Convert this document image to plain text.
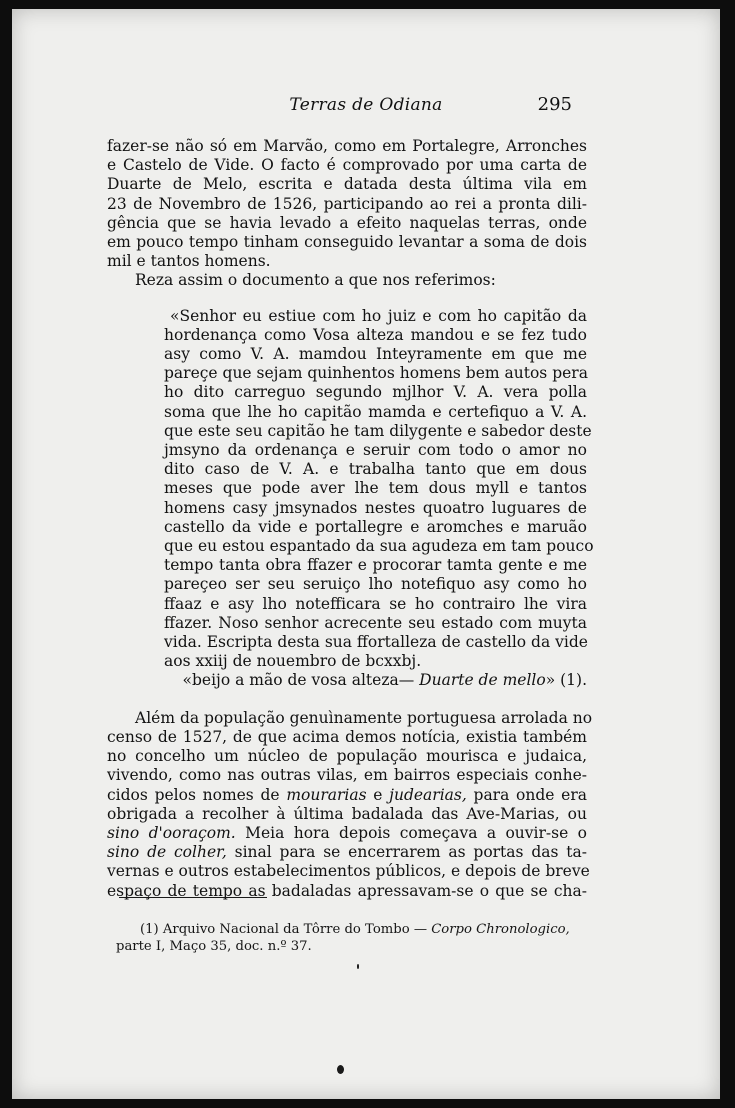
Terras de Odiana	295

fazer-se não só em Marvão, como em Portalegre, Arronches
e Castelo de Vide. O facto é comprovado por uma carta de
Duarte de Melo, escrita e datada desta última vila em
23 de Novembro de 1526, participando ao rei a pronta dili-
gência que se havia levado a efeito naquelas terras, onde
em pouco tempo tinham conseguido levantar a soma de dois
mil e tantos homens.

Reza assim o documento a que nos referimos:

«Senhor eu estiue com ho juiz e com ho capitão da
hordenança como Vosa alteza mandou e se fez tudo
asy como V. A. mamdou Inteyramente em que me
pareçe que sejam quinhentos homens bem autos pera
ho dito carreguo segundo mjlhor V. A. vera polla
soma que lhe ho capitão mamda e certefiquo a V. A.
que este seu capitão he tam dilygente e sabedor deste
jmsyno da ordenança e seruir com todo o amor no
dito caso de V. A. e trabalha tanto que em dous
meses que pode aver lhe tem dous myll e tantos
homens casy jmsynados nestes quoatro luguares de
castello da vide e portallegre e aromches e maruão
que eu estou espantado da sua agudeza em tam pouco
tempo tanta obra ffazer e procorar tamta gente e me
pareçeo ser seu seruiço lho notefiquo asy como ho
ffaaz e asy lho notefficara se ho contrairo lhe vira
ffazer. Noso senhor acrecente seu estado com muyta
vida. Escripta desta sua ffortalleza de castello da vide
aos xxiij de nouembro de bcxxbj.
«beijo a mão de vosa alteza— Duarte de mello» (1).

Além da população genuìnamente portuguesa arrolada no
censo de 1527, de que acima demos notícia, existia também
no concelho um núcleo de população mourisca e judaica,
vivendo, como nas outras vilas, em bairros especiais conhe-
cidos pelos nomes de mourarias e judearias, para onde era
obrigada a recolher à última badalada das Ave-Marias, ou
sino d'ooraçom. Meia hora depois começava a ouvir-se o
sino de colher, sinal para se encerrarem as portas das ta-
vernas e outros estabelecimentos públicos, e depois de breve
espaço de tempo as badaladas apressavam-se o que se cha-

(1) Arquivo Nacional da Tôrre do Tombo — Corpo Chronologico,
parte I, Maço 35, doc. n.º 37.
